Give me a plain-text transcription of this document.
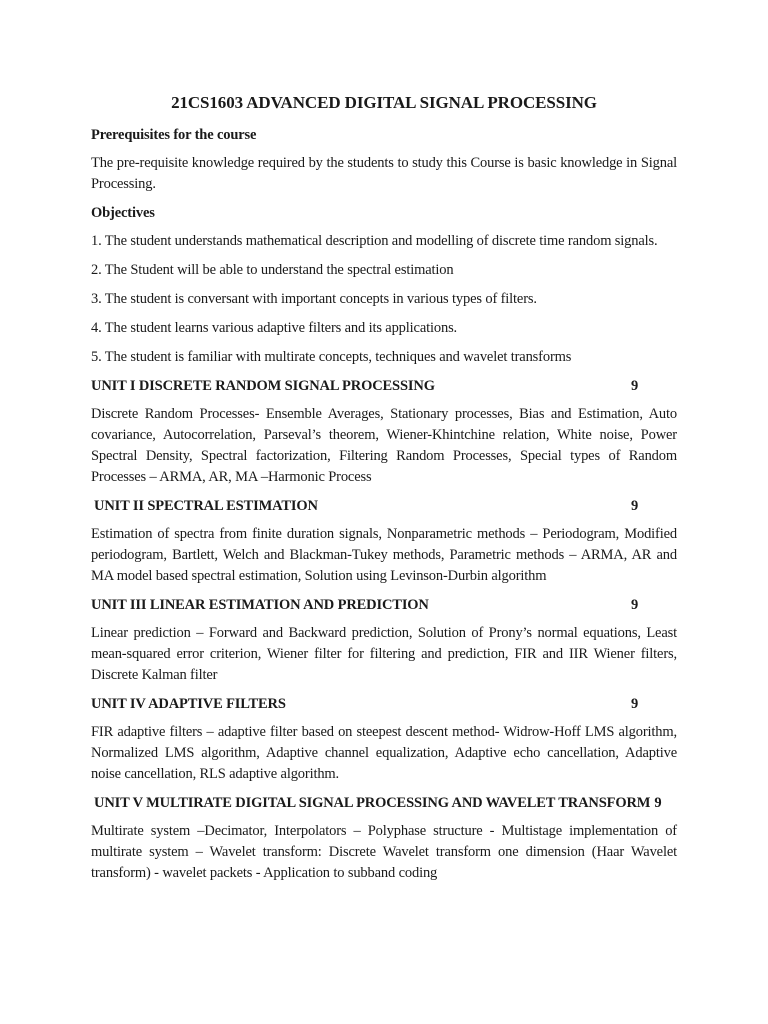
21CS1603 ADVANCED DIGITAL SIGNAL PROCESSING
Prerequisites for the course

The pre-requisite knowledge required by the students to study this Course is basic knowledge in Signal Processing.

Objectives

1. The student understands mathematical description and modelling of discrete time random signals.

2. The Student will be able to understand the spectral estimation

3. The student is conversant with important concepts in various types of filters.

4. The student learns various adaptive filters and its applications.

5. The student is familiar with multirate concepts, techniques and wavelet transforms

UNIT I DISCRETE RANDOM SIGNAL PROCESSING	9

Discrete Random Processes- Ensemble Averages, Stationary processes, Bias and Estimation, Auto covariance, Autocorrelation, Parseval’s theorem, Wiener-Khintchine relation, White noise, Power Spectral Density, Spectral factorization, Filtering Random Processes, Special types of Random Processes – ARMA, AR, MA –Harmonic Process

UNIT II SPECTRAL ESTIMATION	9

Estimation of spectra from finite duration signals, Nonparametric methods – Periodogram, Modified periodogram, Bartlett, Welch and Blackman-Tukey methods, Parametric methods – ARMA, AR and MA model based spectral estimation, Solution using Levinson-Durbin algorithm

UNIT III LINEAR ESTIMATION AND PREDICTION	9

Linear prediction – Forward and Backward prediction, Solution of Prony’s normal equations, Least mean-squared error criterion, Wiener filter for filtering and prediction, FIR and IIR Wiener filters, Discrete Kalman filter

UNIT IV ADAPTIVE FILTERS	9

FIR adaptive filters – adaptive filter based on steepest descent method- Widrow-Hoff LMS algorithm, Normalized LMS algorithm, Adaptive channel equalization, Adaptive echo cancellation, Adaptive noise cancellation, RLS adaptive algorithm.

UNIT V MULTIRATE DIGITAL SIGNAL PROCESSING AND WAVELET TRANSFORM 9

Multirate system –Decimator, Interpolators – Polyphase structure - Multistage implementation of multirate system – Wavelet transform: Discrete Wavelet transform one dimension (Haar Wavelet transform) - wavelet packets - Application to subband coding
